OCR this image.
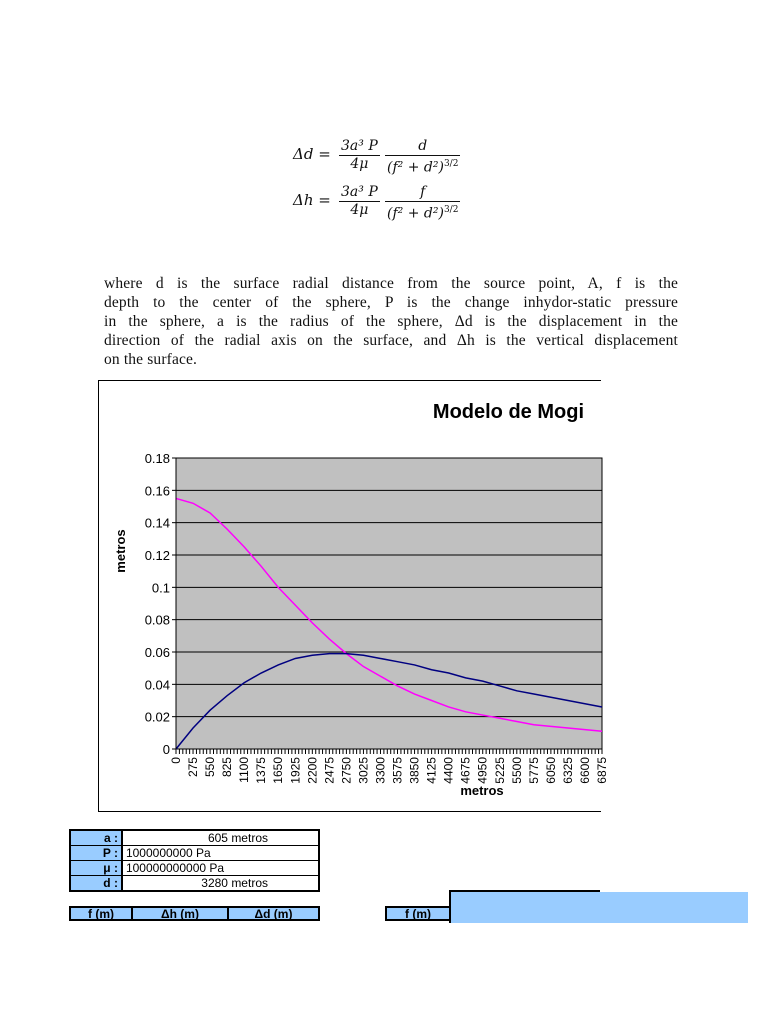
$\Delta d = \frac{\text{3a³ P}}{4\mu} \frac{d}{(f^2 + d^2)^{3/2}}$
$\Delta h = \frac{\text{3a³ P}}{4\mu} \frac{f}{(f^2 + d^2)^{3/2}}$
where d is the surface radial distance from the source point, A, f is the
depth to the center of the sphere, P is the change inhydor-static pressure
in the sphere, a is the radius of the sphere, Δd is the displacement in the
direction of the radial axis on the surface, and Δh is the vertical displacement
on the surface.
Modelo de Mogi
0
0.02
0.04
0.06
0.08
0.1
0.12
0.14
0.16
0.18
0 275 550 825 1100 1375 1650 1925 2200 2475 2750 3025 3300 3575 3850 4125 4400 4675 4950 5225 5500 5775 6050 6325 6600 6875
metros
metros
a :	605 metros
P :	1000000000 Pa
μ :	100000000000 Pa
d :	3280 metros
f (m)	Δh (m)	Δd (m)	f (m)
